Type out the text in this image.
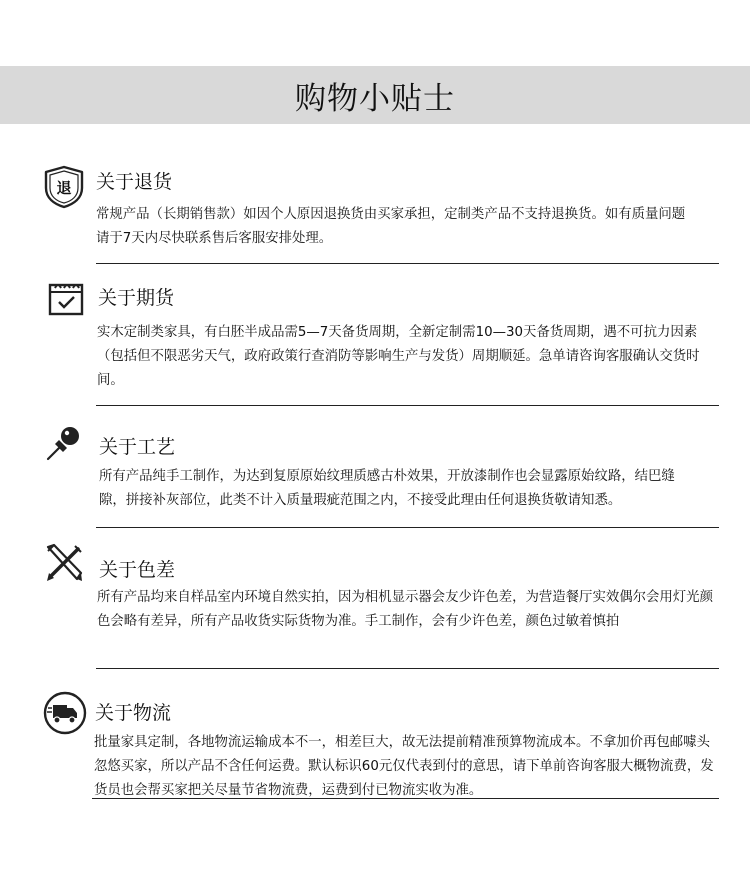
购物小贴士
退 关于退货
常规产品（长期销售款）如因个人原因退换货由买家承担，定制类产品不支持退换货。如有质量问题请于7天内尽快联系售后客服安排处理。
关于期货
实木定制类家具，有白胚半成品需5—7天备货周期，全新定制需10—30天备货周期，遇不可抗力因素（包括但不限恶劣天气，政府政策行查消防等影响生产与发货）周期顺延。急单请咨询客服确认交货时间。
关于工艺
所有产品纯手工制作，为达到复原原始纹理质感古朴效果，开放漆制作也会显露原始纹路，结巴缝隙，拼接补灰部位，此类不计入质量瑕疵范围之内，不接受此理由任何退换货敬请知悉。
关于色差
所有产品均来自样品室内环境自然实拍，因为相机显示器会友少许色差，为营造餐厅实效偶尔会用灯光颜色会略有差异，所有产品收货实际货物为准。手工制作，会有少许色差，颜色过敏着慎拍
关于物流
批量家具定制，各地物流运输成本不一，相差巨大，故无法提前精准预算物流成本。不拿加价再包邮噱头忽悠买家，所以产品不含任何运费。默认标识60元仅代表到付的意思，请下单前咨询客服大概物流费，发货员也会帮买家把关尽量节省物流费，运费到付已物流实收为准。
